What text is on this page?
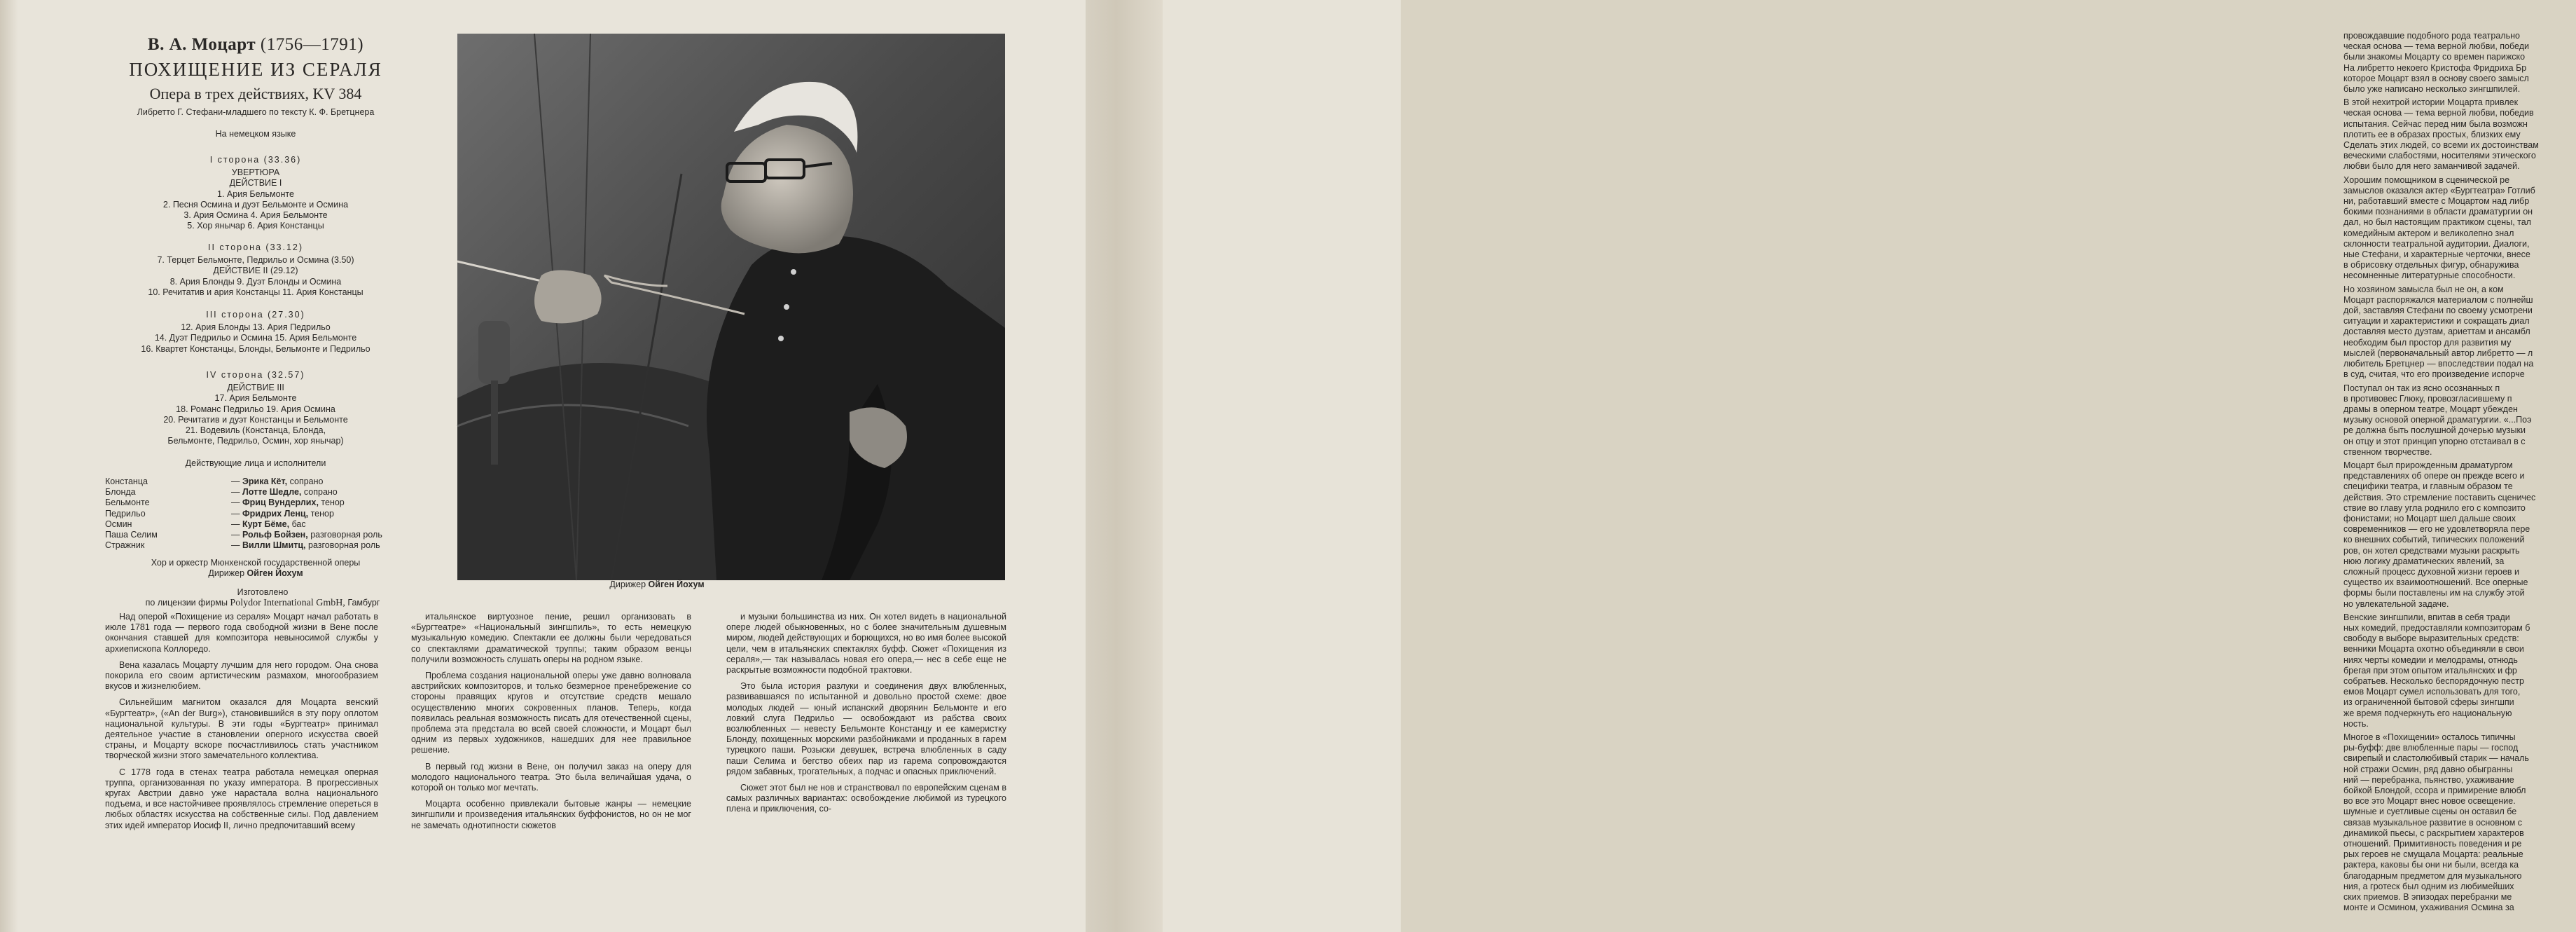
В. А. Моцарт (1756—1791)
ПОХИЩЕНИЕ ИЗ СЕРАЛЯ
Опера в трех действиях, KV 384
Либретто Г. Стефани-младшего по тексту К. Ф. Бретцнера
На немецком языке
I сторона (33.36)
УВЕРТЮРА
ДЕЙСТВИЕ I
1. Ария Бельмонте
2. Песня Осмина и дуэт Бельмонте и Осмина
3. Ария Осмина 4. Ария Бельмонте
5. Хор янычар 6. Ария Констанцы
II сторона (33.12)
7. Терцет Бельмонте, Педрильо и Осмина (3.50)
ДЕЙСТВИЕ II (29.12)
8. Ария Блонды 9. Дуэт Блонды и Осмина
10. Речитатив и ария Констанцы 11. Ария Констанцы
III сторона (27.30)
12. Ария Блонды 13. Ария Педрильо
14. Дуэт Педрильо и Осмина 15. Ария Бельмонте
16. Квартет Констанцы, Блонды, Бельмонте и Педрильо
IV сторона (32.57)
ДЕЙСТВИЕ III
17. Ария Бельмонте
18. Романс Педрильо 19. Ария Осмина
20. Речитатив и дуэт Констанцы и Бельмонте
21. Водевиль (Констанца, Блонда,
Бельмонте, Педрильо, Осмин, хор янычар)
Действующие лица и исполнители
Констанца	— Эрика Кёт, сопрано
Блонда	— Лотте Шедле, сопрано
Бельмонте	— Фриц Вундерлих, тенор
Педрильо	— Фридрих Ленц, тенор
Осмин	— Курт Бёме, бас
Паша Селим	— Рольф Бойзен, разговорная роль
Стражник	— Вилли Шмитц, разговорная роль
Хор и оркестр Мюнхенской государственной оперы
Дирижер Ойген Йохум
Изготовлено
по лицензии фирмы Polydor International GmbH, Гамбург
Дирижер Ойген Йохум

Над оперой «Похищение из сераля» Моцарт начал работать в июле 1781 года — первого года свободной жизни в Вене после окончания ставшей для композитора невыносимой службы у архиепископа Коллоредо.

Вена казалась Моцарту лучшим для него городом. Она снова покорила его своим артистическим размахом, многообразием вкусов и жизнелюбием.

Сильнейшим магнитом оказался для Моцарта венский «Бургтеатр», («An der Burg»), становившийся в эту пору оплотом национальной культуры. В эти годы «Бургтеатр» принимал деятельное участие в становлении оперного искусства своей страны, и Моцарту вскоре посчастливилось стать участником творческой жизни этого замечательного коллектива.

С 1778 года в стенах театра работала немецкая оперная труппа, организованная по указу императора. В прогрессивных кругах Австрии давно уже нарастала волна национального подъема, и все настойчивее проявлялось стремление опереться в любых областях искусства на собственные силы. Под давлением этих идей император Иосиф II, лично предпочитавший всему

итальянское виртуозное пение, решил организовать в «Бургтеатре» «Национальный зингшпиль», то есть немецкую музыкальную комедию. Спектакли ее должны были чередоваться со спектаклями драматической труппы; таким образом венцы получили возможность слушать оперы на родном языке.

Проблема создания национальной оперы уже давно волновала австрийских композиторов, и только безмерное пренебрежение со стороны правящих кругов и отсутствие средств мешало осуществлению многих сокровенных планов. Теперь, когда появилась реальная возможность писать для отечественной сцены, проблема эта предстала во всей своей сложности, и Моцарт был одним из первых художников, нашедших для нее правильное решение.

В первый год жизни в Вене, он получил заказ на оперу для молодого национального театра. Это была величайшая удача, о которой он только мог мечтать.

Моцарта особенно привлекали бытовые жанры — немецкие зингшпили и произведения итальянских буффонистов, но он не мог не замечать однотипности сюжетов

и музыки большинства из них. Он хотел видеть в национальной опере людей обыкновенных, но с более значительным душевным миром, людей действующих и борющихся, но во имя более высокой цели, чем в итальянских спектаклях буфф. Сюжет «Похищения из сераля»,— так называлась новая его опера,— нес в себе еще не раскрытые возможности подобной трактовки.

Это была история разлуки и соединения двух влюбленных, развивавшаяся по испытанной и довольно простой схеме: двое молодых людей — юный испанский дворянин Бельмонте и его ловкий слуга Педрильо — освобождают из рабства своих возлюбленных — невесту Бельмонте Констанцу и ее камеристку Блонду, похищенных морскими разбойниками и проданных в гарем турецкого паши. Розыски девушек, встреча влюбленных в саду паши Селима и бегство обеих пар из гарема сопровождаются рядом забавных, трогательных, а подчас и опасных приключений.

Сюжет этот был не нов и странствовал по европейским сценам в самых различных вариантах: освобождение любимой из турецкого плена и приключения, со-

провождавшие подобного рода театрально
ческая основа — тема верной любви, победи
были знакомы Моцарту со времен парижско
На либретто некоего Кристофа Фридриха Бр
которое Моцарт взял в основу своего замысл
было уже написано несколько зингшпилей.

В этой нехитрой истории Моцарта привлек
ческая основа — тема верной любви, победив
испытания. Сейчас перед ним была возможн
плотить ее в образах простых, близких ему
Сделать этих людей, со всеми их достоинствам
веческими слабостями, носителями этического
любви было для него заманчивой задачей.

Хорошим помощником в сценической ре
замыслов оказался актер «Бургтеатра» Готлиб
ни, работавший вместе с Моцартом над либр
бокими познаниями в области драматургии он
дал, но был настоящим практиком сцены, тал
комедийным актером и великолепно знал
склонности театральной аудитории. Диалоги,
ные Стефани, и характерные черточки, внесе
в обрисовку отдельных фигур, обнаружива
несомненные литературные способности.

Но хозяином замысла был не он, а ком
Моцарт распоряжался материалом с полнейш
дой, заставляя Стефани по своему усмотрени
ситуации и характеристики и сокращать диал
доставляя место дуэтам, ариеттам и ансамбл
необходим был простор для развития му
мыслей (первоначальный автор либретто — л
любитель Бретцнер — впоследствии подал на
в суд, считая, что его произведение испорче

Поступал он так из ясно осознанных п
в противовес Глюку, провозгласившему п
драмы в оперном театре, Моцарт убежден
музыку основой оперной драматургии. «...Поэ
ре должна быть послушной дочерью музыки
он отцу и этот принцип упорно отстаивал в с
ственном творчестве.

Моцарт был прирожденным драматургом
представлениях об опере он прежде всего и
специфики театра, и главным образом те
действия. Это стремление поставить сценичес
ствие во главу угла роднило его с композито
фонистами; но Моцарт шел дальше своих
современников — его не удовлетворяла пере
ко внешних событий, типических положений
ров, он хотел средствами музыки раскрыть
нюю логику драматических явлений, за
сложный процесс духовной жизни героев и
существо их взаимоотношений. Все оперные
формы были поставлены им на службу этой
но увлекательной задаче.

Венские зингшпили, впитав в себя тради
ных комедий, предоставляли композиторам б
свободу в выборе выразительных средств:
венники Моцарта охотно объединяли в свои
ниях черты комедии и мелодрамы, отнюдь
брегая при этом опытом итальянских и фр
собратьев. Несколько беспорядочную пестр
емов Моцарт сумел использовать для того,
из ограниченной бытовой сферы зингшпи
же время подчеркнуть его национальную
ность.

Многое в «Похищении» осталось типичны
ры-буфф: две влюбленные пары — господ
свирепый и сластолюбивый старик — началь
ной стражи Осмин, ряд давно обыгранны
ний — перебранка, пьянство, ухаживание
бойкой Блондой, ссора и примирение влюбл
во все это Моцарт внес новое освещение.
шумные и суетливые сцены он оставил бе
связав музыкальное развитие в основном с
динамикой пьесы, с раскрытием характеров
отношений. Примитивность поведения и ре
рых героев не смущала Моцарта: реальные
рактера, каковы бы они ни были, всегда ка
благодарным предметом для музыкального
ния, а гротеск был одним из любимейших
ских приемов. В эпизодах перебранки ме
монте и Осмином, ухаживания Осмина за
